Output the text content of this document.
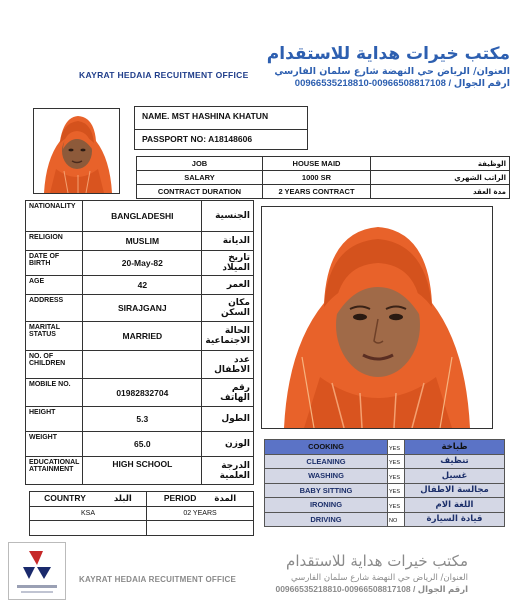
KAYRAT HEDAIA RECUITMENT OFFICE
مكتب خيرات هداية للاستقدام
العنوان/ الرياض حي النهضة شارع سلمان الفارسي
00966535218810-00966508817108 / ارقم الجوال
NAME. MST HASHINA KHATUN
PASSPORT NO: A18148606
JOB	HOUSE MAID	الوظيفة
SALARY	1000 SR	الراتب الشهري
CONTRACT DURATION	2 YEARS CONTRACT	مدة العقد
NATIONALITY	BANGLADESHI	الجنسية
RELIGION	MUSLIM	الديانة
DATE OF BIRTH	20-May-82	تاريخ الميلاد
AGE	42	العمر
ADDRESS	SIRAJGANJ	مكان السكن
MARITAL STATUS	MARRIED	الحالة الاجتماعية
NO. OF CHILDREN		عدد الاطفال
MOBILE NO.	01982832704	رقم الهاتف
HEIGHT	5.3	الطول
WEIGHT	65.0	الوزن
EDUCATIONAL ATTAINMENT	HIGH SCHOOL	الدرجة العلمية
COOKING	YES	طباخة
CLEANING	YES	تنظيف
WASHING	YES	غسيل
BABY SITTING	YES	مجالسة الاطفال
IRONING	YES	اللغة الام
DRIVING	NO	قيادة السيارة
COUNTRY البلد	PERIOD المدة
KSA	02 YEARS

KAYRAT HEDAIA RECUITMENT OFFICE
مكتب خيرات هداية للاستقدام
العنوان/ الرياض حي النهضة شارع سلمان الفارسي
00966535218810-00966508817108 / ارقم الجوال
